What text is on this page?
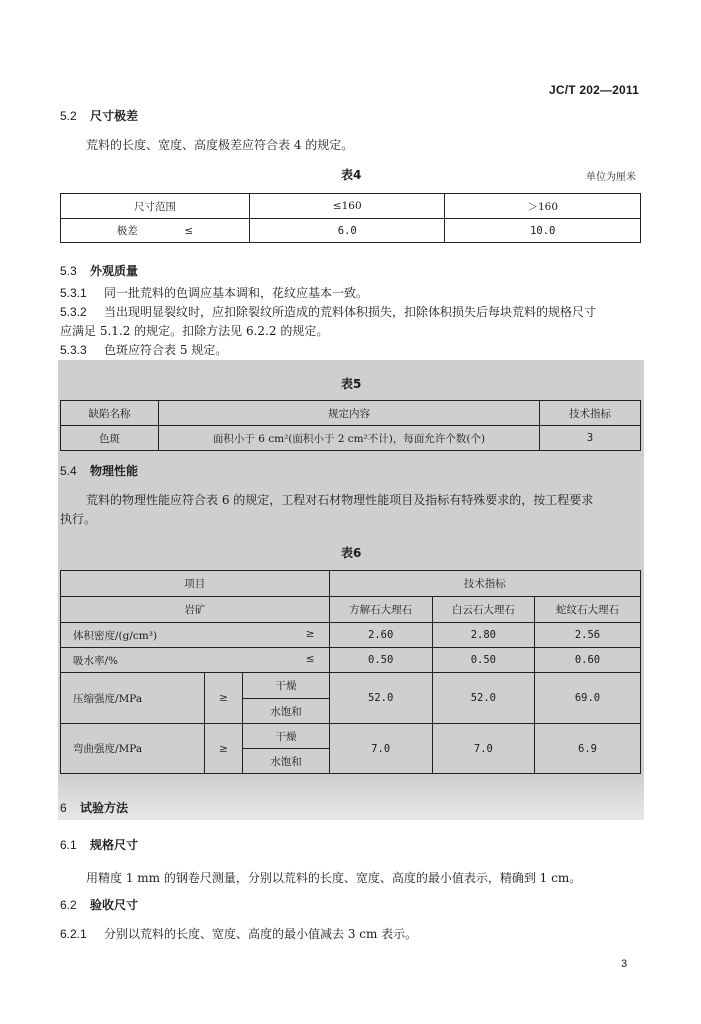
JC/T 202—2011
5.2 尺寸极差
荒料的长度、宽度、高度极差应符合表 4 的规定。
表4	单位为厘米
尺寸范围	≤160	＞160
极差 ≤	6.0	10.0
5.3 外观质量
5.3.1 同一批荒料的色调应基本调和，花纹应基本一致。
5.3.2 当出现明显裂纹时，应扣除裂纹所造成的荒料体积损失，扣除体积损失后每块荒料的规格尺寸
应满足 5.1.2 的规定。扣除方法见 6.2.2 的规定。
5.3.3 色斑应符合表 5 规定。
表5
缺陷名称	规定内容	技术指标
色斑	面积小于 6 cm²(面积小于 2 cm²不计)，每面允许个数(个)	3
5.4 物理性能
荒料的物理性能应符合表 6 的规定，工程对石材物理性能项目及指标有特殊要求的，按工程要求
执行。
表6
项目			技术指标		
岩矿			方解石大理石	白云石大理石	蛇纹石大理石
体积密度/(g/cm³) ≥			2.60	2.80	2.56
吸水率/% ≤			0.50	0.50	0.60
压缩强度/MPa	≥	干燥	52.0	52.0	69.0
		水饱和			
弯曲强度/MPa	≥	干燥	7.0	7.0	6.9
		水饱和			
6 试验方法
6.1 规格尺寸
用精度 1 mm 的钢卷尺测量，分别以荒料的长度、宽度、高度的最小值表示，精确到 1 cm。
6.2 验收尺寸
6.2.1 分别以荒料的长度、宽度、高度的最小值减去 3 cm 表示。
3
